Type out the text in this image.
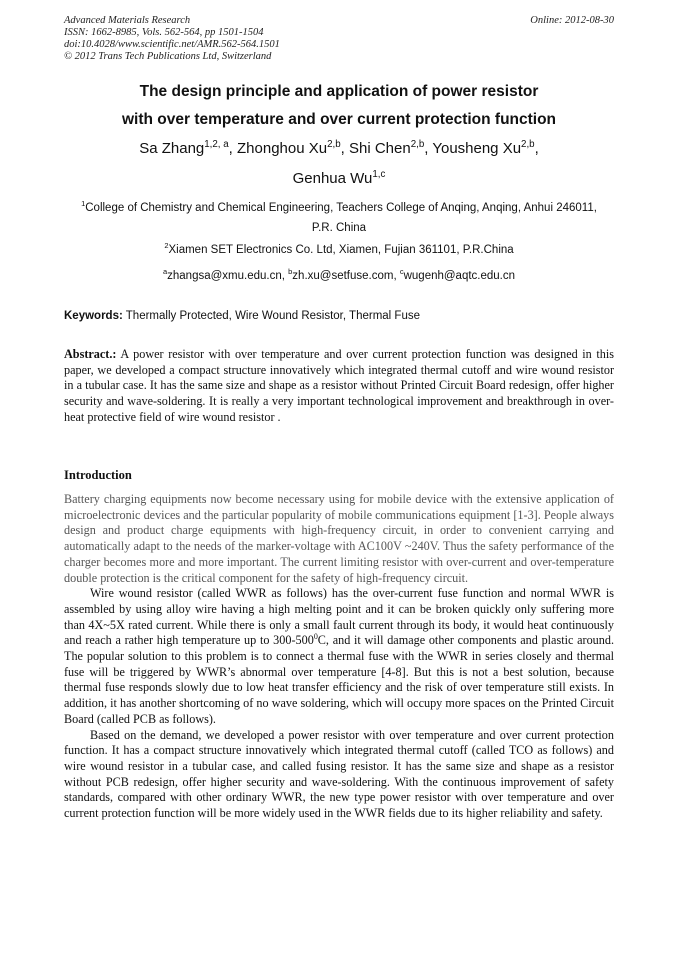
Advanced Materials Research
ISSN: 1662-8985, Vols. 562-564, pp 1501-1504
doi:10.4028/www.scientific.net/AMR.562-564.1501
© 2012 Trans Tech Publications Ltd, Switzerland
Online: 2012-08-30
The design principle and application of power resistor
with over temperature and over current protection function
Sa Zhang$^{1,2, a}$, Zhonghou Xu$^{2,b}$, Shi Chen$^{2,b}$, Yousheng Xu$^{2,b}$,
Genhua Wu$^{1,c}$
$^1$College of Chemistry and Chemical Engineering, Teachers College of Anqing, Anqing, Anhui 246011, P.R. China
$^2$Xiamen SET Electronics Co. Ltd, Xiamen, Fujian 361101, P.R.China
$^a$zhangsa@xmu.edu.cn, $^b$zh.xu@setfuse.com, $^c$wugenh@aqtc.edu.cn
Keywords: Thermally Protected, Wire Wound Resistor, Thermal Fuse

Abstract.: A power resistor with over temperature and over current protection function was designed in this paper, we developed a compact structure innovatively which integrated thermal cutoff and wire wound resistor in a tubular case. It has the same size and shape as a resistor without Printed Circuit Board redesign, offer higher security and wave-soldering. It is really a very important technological improvement and breakthrough in over-heat protective field of wire wound resistor .

Introduction

Battery charging equipments now become necessary using for mobile device with the extensive application of microelectronic devices and the particular popularity of mobile communications equipment [1-3]. People always design and product charge equipments with high-frequency circuit, in order to convenient carrying and automatically adapt to the needs of the marker-voltage with AC100V ~240V. Thus the safety performance of the charger becomes more and more important. The current limiting resistor with over-current and over-temperature double protection is the critical component for the safety of high-frequency circuit.

Wire wound resistor (called WWR as follows) has the over-current fuse function and normal WWR is assembled by using alloy wire having a high melting point and it can be broken quickly only suffering more than 4X~5X rated current. While there is only a small fault current through its body, it would heat continuously and reach a rather high temperature up to $300-500^0C$, and it will damage other components and plastic around. The popular solution to this problem is to connect a thermal fuse with the WWR in series closely and thermal fuse will be triggered by WWR’s abnormal over temperature [4-8]. But this is not a best solution, because thermal fuse responds slowly due to low heat transfer efficiency and the risk of over temperature still exists. In addition, it has another shortcoming of no wave soldering, which will occupy more spaces on the Printed Circuit Board (called PCB as follows).

Based on the demand, we developed a power resistor with over temperature and over current protection function. It has a compact structure innovatively which integrated thermal cutoff (called TCO as follows) and wire wound resistor in a tubular case, and called fusing resistor. It has the same size and shape as a resistor without PCB redesign, offer higher security and wave-soldering. With the continuous improvement of safety standards, compared with other ordinary WWR, the new type power resistor with over temperature and over current protection function will be more widely used in the WWR fields due to its higher reliability and safety.
